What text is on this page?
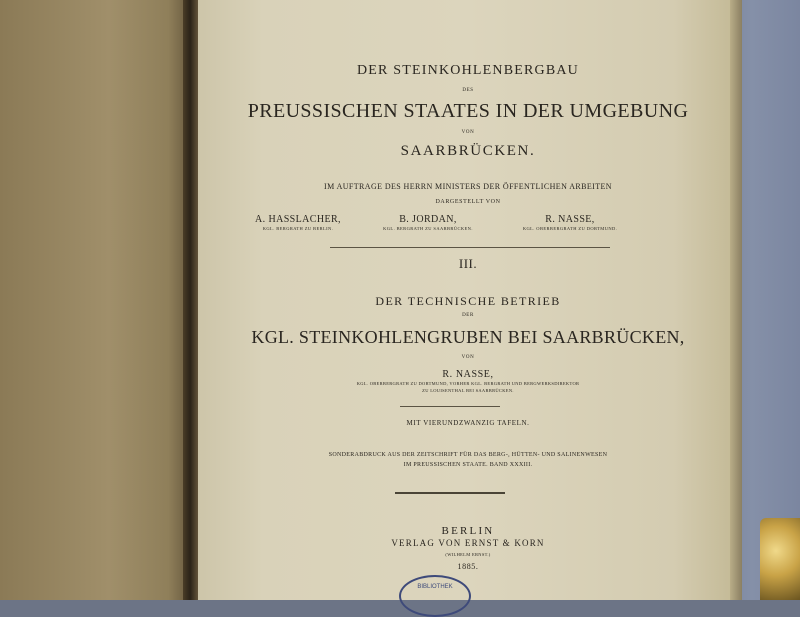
DER STEINKOHLENBERGBAU
DES
PREUSSISCHEN STAATES IN DER UMGEBUNG
VON
SAARBRÜCKEN.
IM AUFTRAGE DES HERRN MINISTERS DER ÖFFENTLICHEN ARBEITEN
DARGESTELLT VON
A. HASSLACHER,
KGL. BERGRATH ZU BERLIN.
B. JORDAN,
KGL. BERGRATH ZU SAARBRÜCKEN.
R. NASSE,
KGL. OBERBERGRATH ZU DORTMUND.
III.
DER TECHNISCHE BETRIEB
DER
KGL. STEINKOHLENGRUBEN BEI SAARBRÜCKEN,
VON
R. NASSE,
KGL. OBERBERGRATH ZU DORTMUND, VORHER KGL. BERGRATH UND BERGWERKSDIREKTOR
ZU LOUISENTHAL BEI SAARBRÜCKEN.
MIT VIERUNDZWANZIG TAFELN.
SONDERABDRUCK AUS DER ZEITSCHRIFT FÜR DAS BERG-, HÜTTEN- UND SALINENWESEN
IM PREUSSISCHEN STAATE. BAND XXXIII.
BERLIN
VERLAG VON ERNST & KORN
(WILHELM ERNST.)
1885.
BIBLIOTHEK
